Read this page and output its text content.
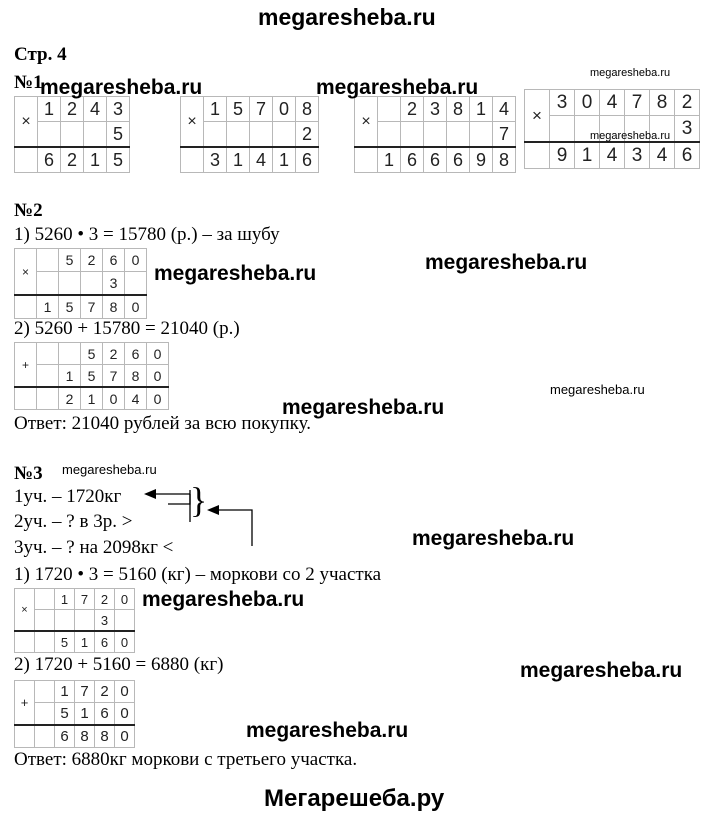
megaresheba.ru
Стр. 4
№1
×	1	2	4	3
				5
	6	2	1	5
×	1	5	7	0	8
					2
	3	1	4	1	6
×		2	3	8	1	4
						7
	1	6	6	6	9	8
×	3	0	4	7	8	2
						3
	9	1	4	3	4	6
megaresheba.ru	megaresheba.ru
megaresheba.ru
megaresheba.ru
№2
1) 5260 • 3 = 15780 (р.) – за шубу
×		5	2	6	0
				3	
	1	5	7	8	0
megaresheba.ru	megaresheba.ru
2) 5260 + 15780 = 21040 (р.)
+			5	2	6	0
		1	5	7	8	0
		2	1	0	4	0
megaresheba.ru
megaresheba.ru
Ответ: 21040 рублей за всю покупку.
№3 megaresheba.ru
1уч. – 1720кг
2уч. – ? в 3р. >
3уч. – ? на 2098кг <
}
megaresheba.ru
1) 1720 • 3 = 5160 (кг) – моркови со 2 участка
×		1	7	2	0
				3	
		5	1	6	0
megaresheba.ru
2) 1720 + 5160 = 6880 (кг)	megaresheba.ru
+		1	7	2	0
		5	1	6	0
		6	8	8	0	megaresheba.ru
Ответ: 6880кг моркови с третьего участка.
Мегарешеба.ру
